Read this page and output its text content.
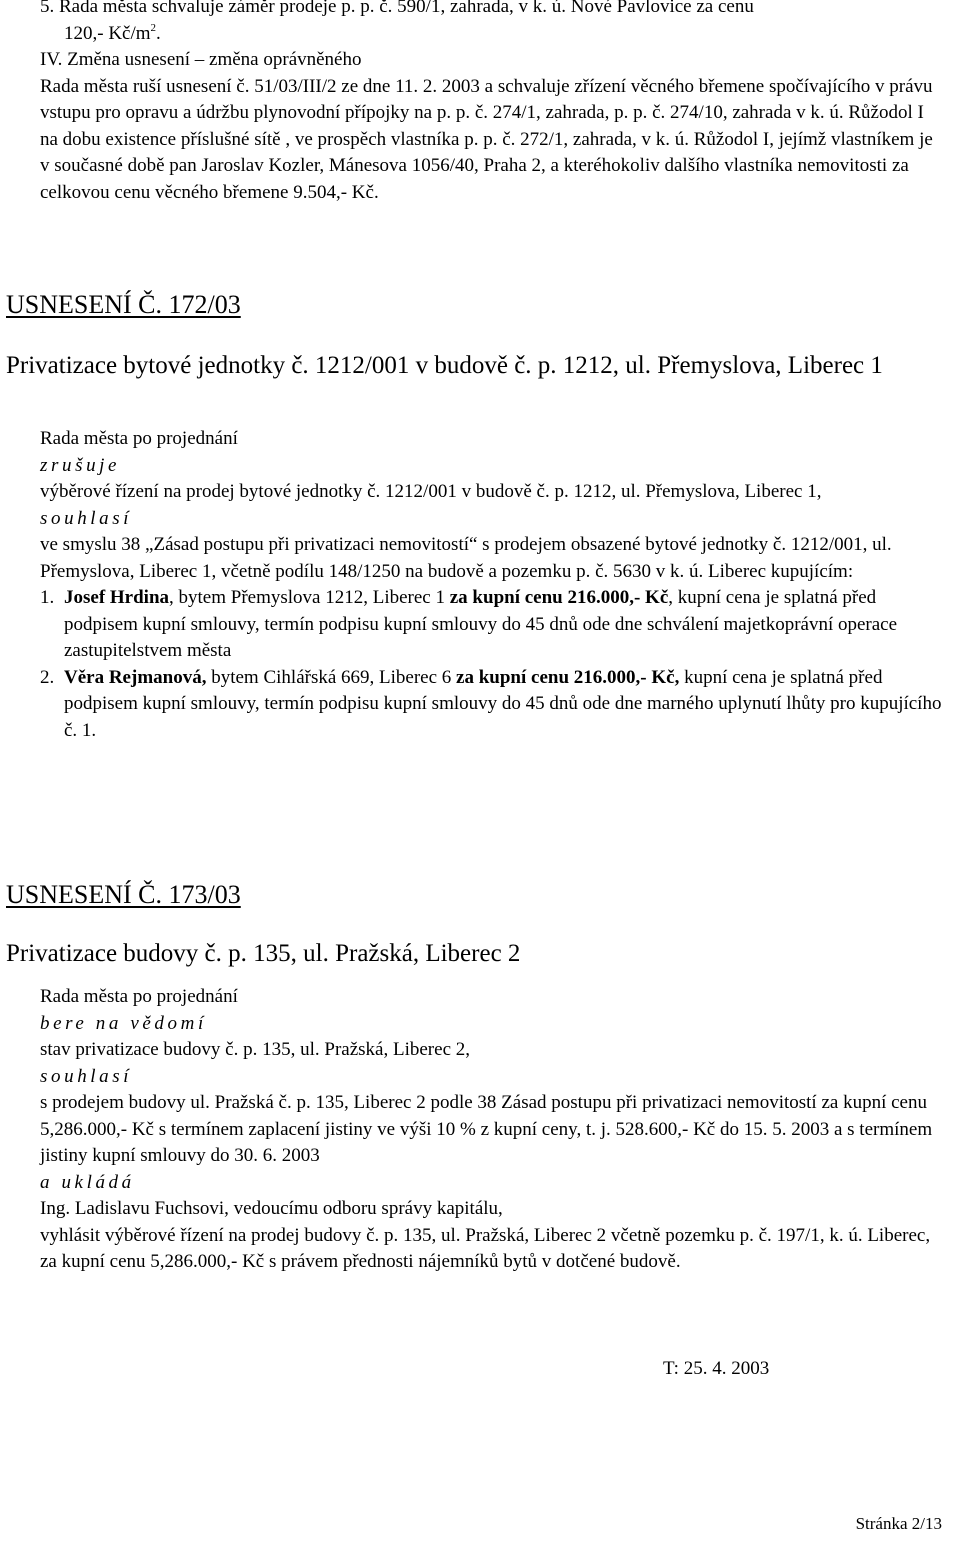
5. Rada města schvaluje záměr prodeje p. p. č. 590/1, zahrada, v k. ú. Nové Pavlovice za cenu

120,- $Kč/m^2$.

IV. Změna usnesení – změna oprávněného

Rada města ruší usnesení č. 51/03/III/2 ze dne 11. 2. 2003 a schvaluje zřízení věcného břemene spočívajícího v právu vstupu pro opravu a údržbu plynovodní přípojky na p. p. č. 274/1, zahrada, p. p. č. 274/10, zahrada v k. ú. Růžodol I na dobu existence příslušné sítě , ve prospěch vlastníka p. p. č. 272/1, zahrada, v k. ú. Růžodol I, jejímž vlastníkem je v současné době pan Jaroslav Kozler, Mánesova 1056/40, Praha 2, a kteréhokoliv dalšího vlastníka nemovitosti za celkovou cenu věcného břemene 9.504,- Kč.

USNESENÍ Č. 172/03
Privatizace bytové jednotky č. 1212/001 v budově č. p. 1212, ul. Přemyslova, Liberec 1

Rada města po projednání

zrušuje

výběrové řízení na prodej bytové jednotky č. 1212/001 v budově č. p. 1212, ul. Přemyslova, Liberec 1,

souhlasí

ve smyslu 38 „Zásad postupu při privatizaci nemovitostí“ s prodejem obsazené bytové jednotky č. 1212/001, ul. Přemyslova, Liberec 1, včetně podílu 148/1250 na budově a pozemku p. č. 5630 v k. ú. Liberec kupujícím:

1. Josef Hrdina, bytem Přemyslova 1212, Liberec 1 za kupní cenu 216.000,- Kč, kupní cena je splatná před podpisem kupní smlouvy, termín podpisu kupní smlouvy do 45 dnů ode dne schválení majetkoprávní operace zastupitelstvem města
2. Věra Rejmanová, bytem Cihlářská 669, Liberec 6 za kupní cenu 216.000,- Kč, kupní cena je splatná před podpisem kupní smlouvy, termín podpisu kupní smlouvy do 45 dnů ode dne marného uplynutí lhůty pro kupujícího č. 1.
USNESENÍ Č. 173/03
Privatizace budovy č. p. 135, ul. Pražská, Liberec 2

Rada města po projednání

bere na vědomí

stav privatizace budovy č. p. 135, ul. Pražská, Liberec 2,

souhlasí

s prodejem budovy ul. Pražská č. p. 135, Liberec 2 podle 38 Zásad postupu při privatizaci nemovitostí za kupní cenu 5,286.000,- Kč s termínem zaplacení jistiny ve výši 10 % z kupní ceny, t. j. 528.600,- Kč do 15. 5. 2003 a s termínem jistiny kupní smlouvy do 30. 6. 2003

a ukládá

Ing. Ladislavu Fuchsovi, vedoucímu odboru správy kapitálu,

vyhlásit výběrové řízení na prodej budovy č. p. 135, ul. Pražská, Liberec 2 včetně pozemku p. č. 197/1, k. ú. Liberec, za kupní cenu 5,286.000,- Kč s právem přednosti nájemníků bytů v dotčené budově.

T: 25. 4. 2003
Stránka 2/13
